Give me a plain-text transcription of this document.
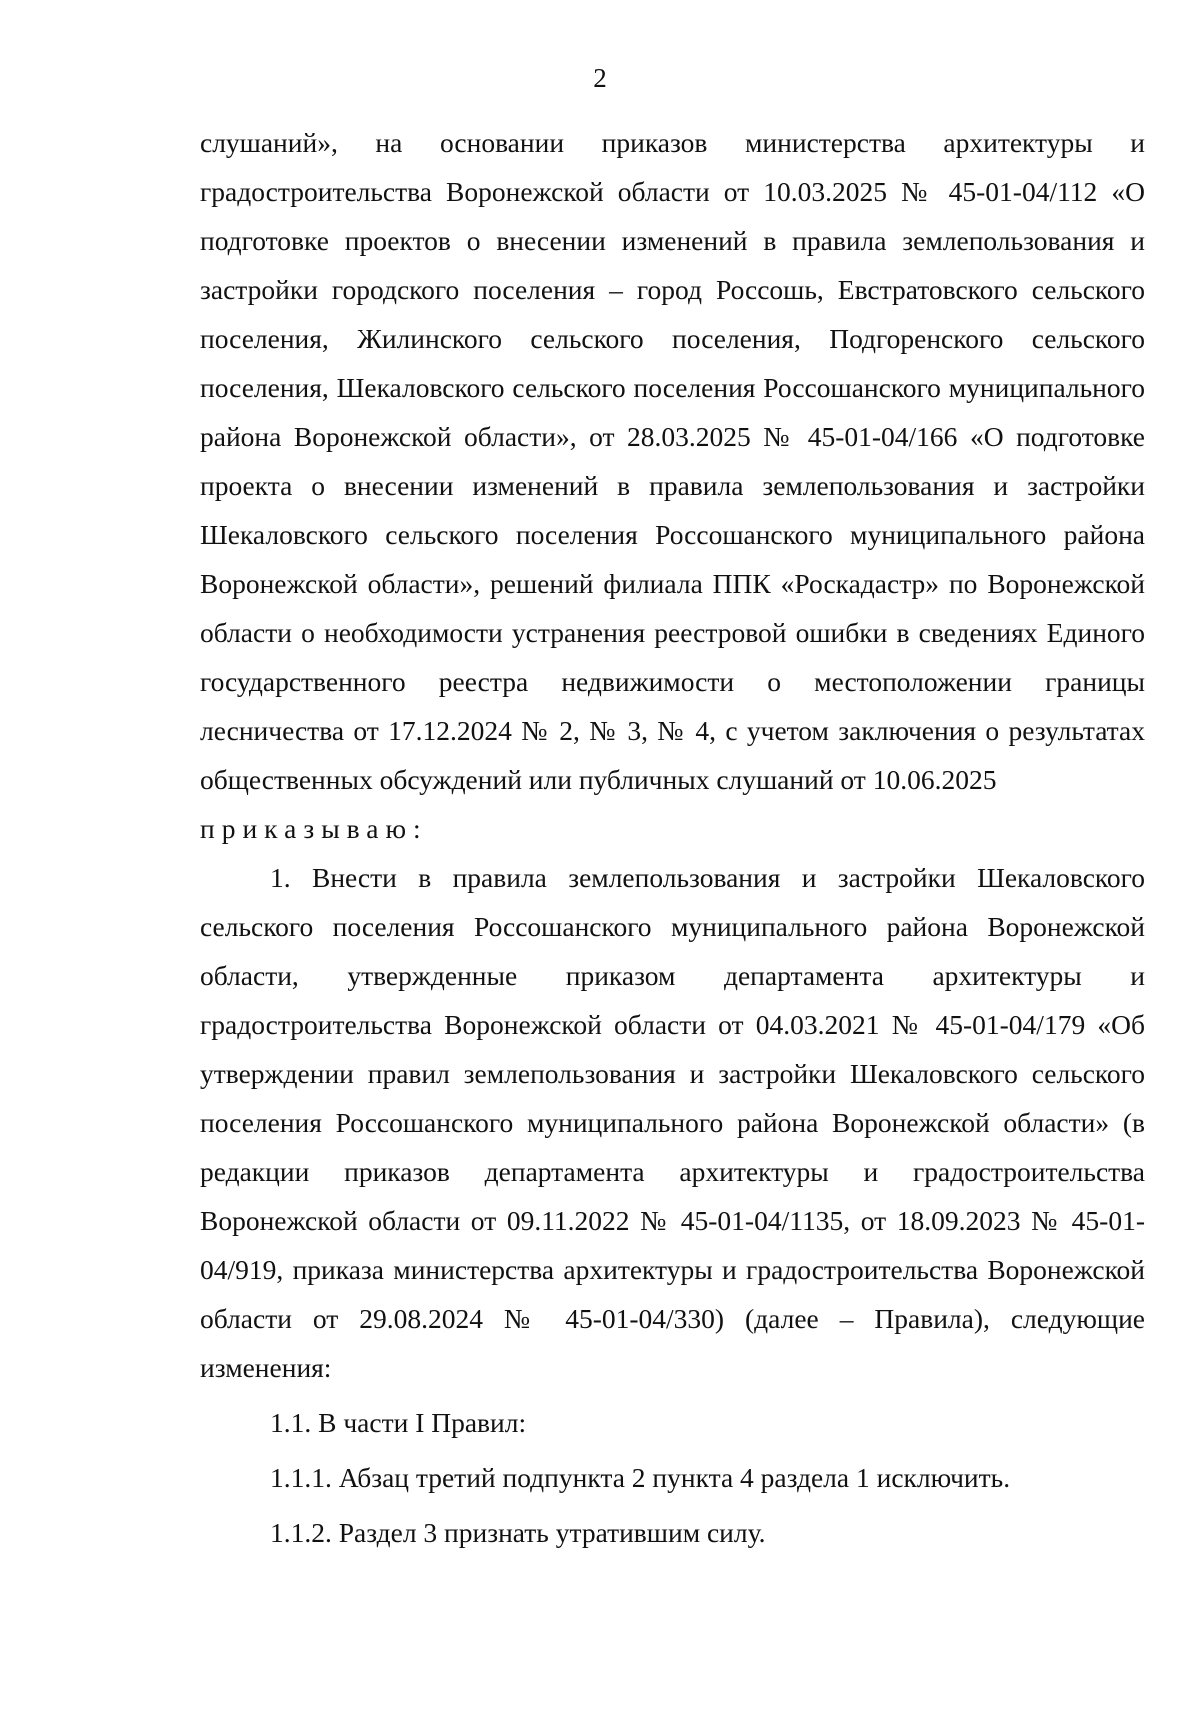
2

слушаний», на основании приказов министерства архитектуры и градостроительства Воронежской области от 10.03.2025 № 45-01-04/112 «О подготовке проектов о внесении изменений в правила землепользования и застройки городского поселения – город Россошь, Евстратовского сельского поселения, Жилинского сельского поселения, Подгоренского сельского поселения, Шекаловского сельского поселения Россошанского муниципального района Воронежской области», от 28.03.2025 № 45-01-04/166 «О подготовке проекта о внесении изменений в правила землепользования и застройки Шекаловского сельского поселения Россошанского муниципального района Воронежской области», решений филиала ППК «Роскадастр» по Воронежской области о необходимости устранения реестровой ошибки в сведениях Единого государственного реестра недвижимости о местоположении границы лесничества от 17.12.2024 № 2, № 3, № 4, с учетом заключения о результатах общественных обсуждений или публичных слушаний от 10.06.2025

приказываю:

1. Внести в правила землепользования и застройки Шекаловского сельского поселения Россошанского муниципального района Воронежской области, утвержденные приказом департамента архитектуры и градостроительства Воронежской области от 04.03.2021 № 45-01-04/179 «Об утверждении правил землепользования и застройки Шекаловского сельского поселения Россошанского муниципального района Воронежской области» (в редакции приказов департамента архитектуры и градостроительства Воронежской области от 09.11.2022 № 45-01-04/1135, от 18.09.2023 № 45-01-04/919, приказа министерства архитектуры и градостроительства Воронежской области от 29.08.2024 № 45-01-04/330) (далее – Правила), следующие изменения:

1.1. В части I Правил:

1.1.1. Абзац третий подпункта 2 пункта 4 раздела 1 исключить.

1.1.2. Раздел 3 признать утратившим силу.
